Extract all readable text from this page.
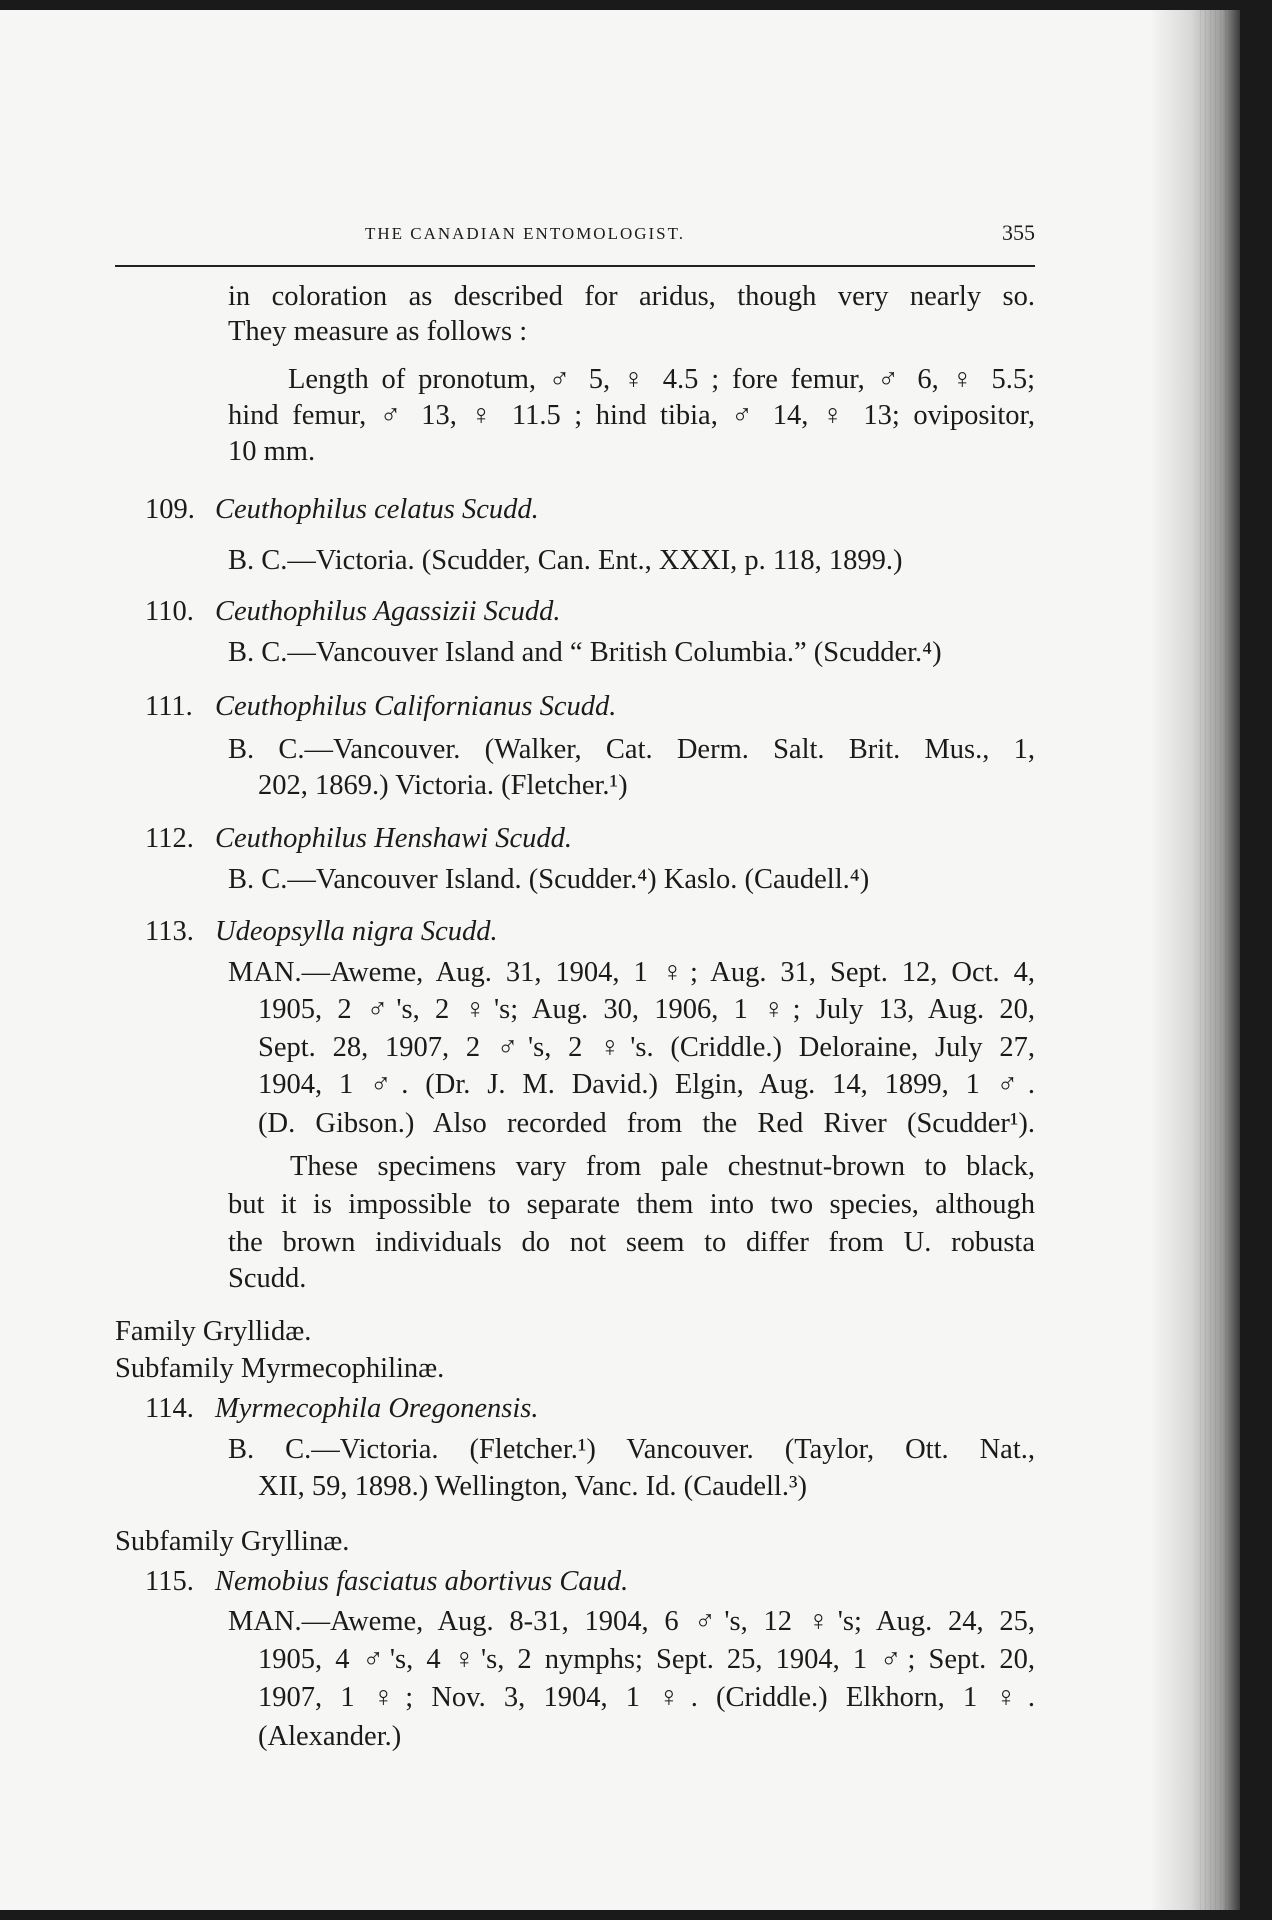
THE CANADIAN ENTOMOLOGIST.	355
in coloration as described for aridus, though very nearly so.
They measure as follows :
Length of pronotum, ♂ 5, ♀ 4.5 ; fore femur, ♂ 6, ♀ 5.5;
hind femur, ♂ 13, ♀ 11.5 ; hind tibia, ♂ 14, ♀ 13; ovipositor,
10 mm.
109. Ceuthophilus celatus Scudd.
B. C.—Victoria. (Scudder, Can. Ent., XXXI, p. 118, 1899.)
110. Ceuthophilus Agassizii Scudd.
B. C.—Vancouver Island and “ British Columbia.” (Scudder.⁴)
111. Ceuthophilus Californianus Scudd.
B. C.—Vancouver. (Walker, Cat. Derm. Salt. Brit. Mus., 1,
202, 1869.) Victoria. (Fletcher.¹)
112. Ceuthophilus Henshawi Scudd.
B. C.—Vancouver Island. (Scudder.⁴) Kaslo. (Caudell.⁴)
113. Udeopsylla nigra Scudd.
MAN.—Aweme, Aug. 31, 1904, 1 ♀; Aug. 31, Sept. 12, Oct. 4,
1905, 2 ♂'s, 2 ♀'s; Aug. 30, 1906, 1 ♀; July 13, Aug. 20,
Sept. 28, 1907, 2 ♂'s, 2 ♀'s. (Criddle.) Deloraine, July 27,
1904, 1 ♂. (Dr. J. M. David.) Elgin, Aug. 14, 1899, 1 ♂.
(D. Gibson.) Also recorded from the Red River (Scudder¹).
These specimens vary from pale chestnut-brown to black,
but it is impossible to separate them into two species, although
the brown individuals do not seem to differ from U. robusta
Scudd.
Family Gryllidæ.
Subfamily Myrmecophilinæ.
114. Myrmecophila Oregonensis.
B. C.—Victoria. (Fletcher.¹) Vancouver. (Taylor, Ott. Nat.,
XII, 59, 1898.) Wellington, Vanc. Id. (Caudell.³)
Subfamily Gryllinæ.
115. Nemobius fasciatus abortivus Caud.
MAN.—Aweme, Aug. 8-31, 1904, 6 ♂'s, 12 ♀'s; Aug. 24, 25,
1905, 4 ♂'s, 4 ♀'s, 2 nymphs; Sept. 25, 1904, 1 ♂; Sept. 20,
1907, 1 ♀; Nov. 3, 1904, 1 ♀. (Criddle.) Elkhorn, 1 ♀.
(Alexander.)
